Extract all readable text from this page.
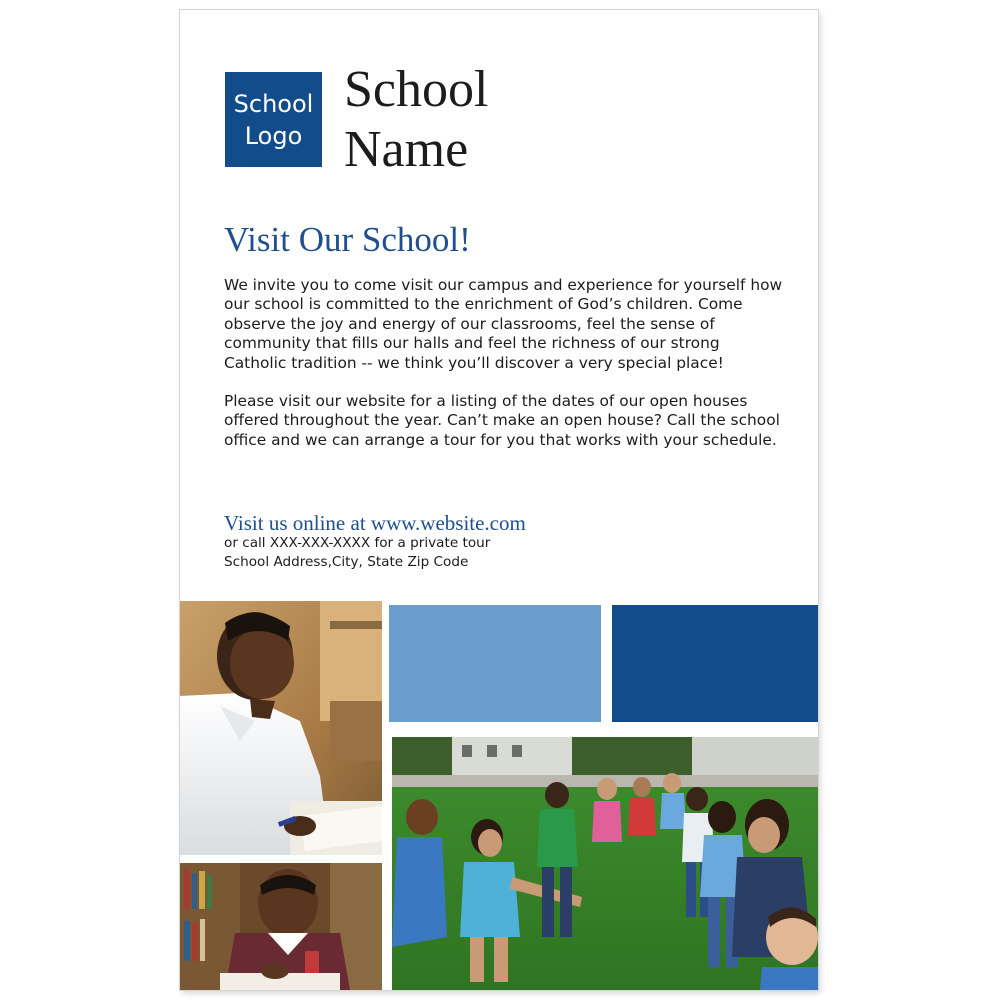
School
Logo
School
Name
Visit Our School!

We invite you to come visit our campus and experience for yourself how our school is committed to the enrichment of God’s children. Come observe the joy and energy of our classrooms, feel the sense of community that fills our halls and feel the richness of our strong Catholic tradition -- we think you’ll discover a very special place!

Please visit our website for a listing of the dates of our open houses offered throughout the year. Can’t make an open house? Call the school office and we can arrange a tour for you that works with your schedule.

Visit us online at www.website.com
or call XXX-XXX-XXXX for a private tour
School Address,City, State Zip Code
